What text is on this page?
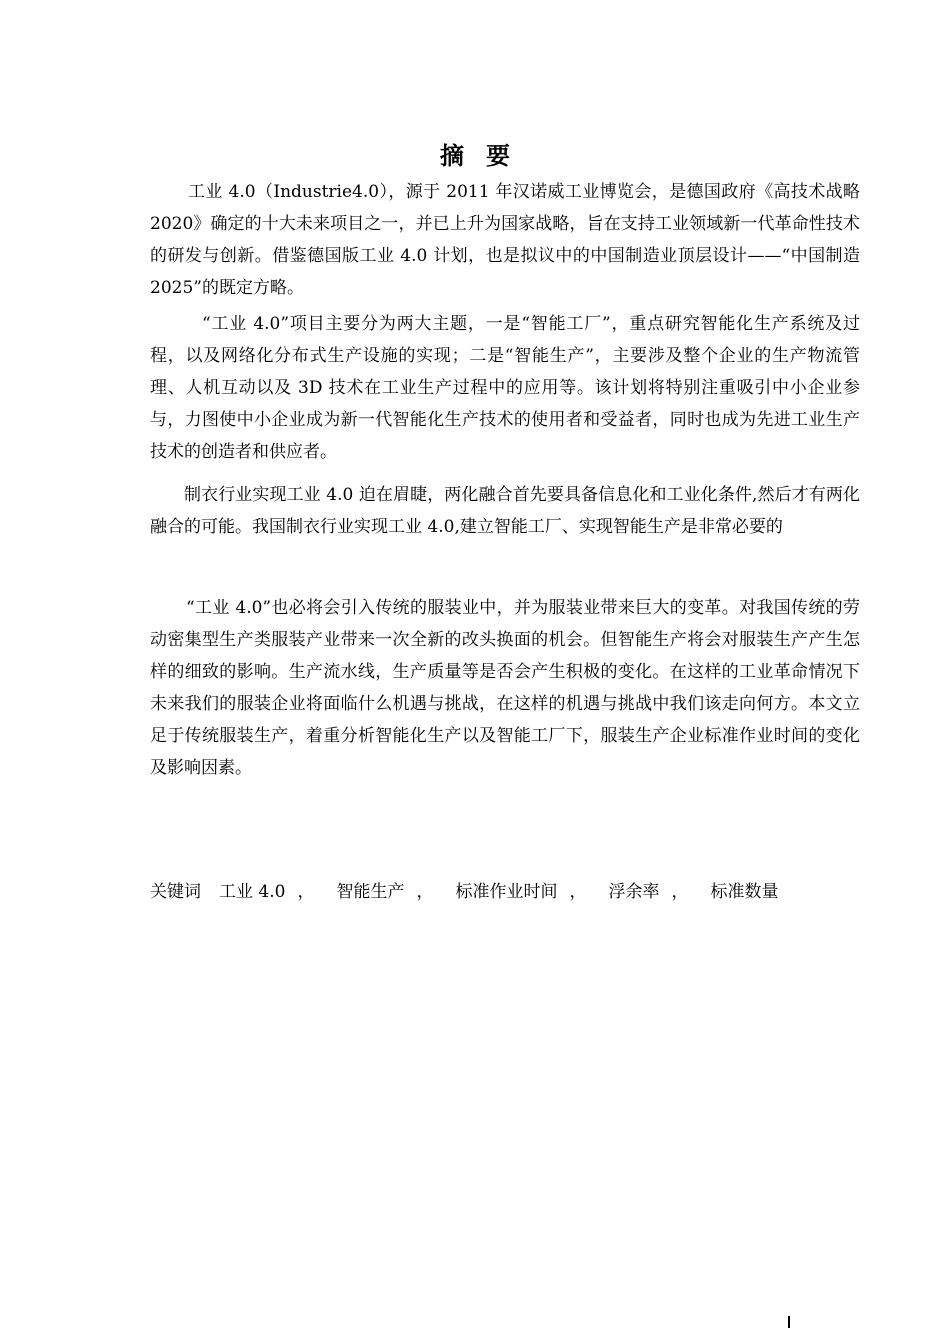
摘要

工业 4.0（Industrie4.0），源于 2011 年汉诺威工业博览会，是德国政府《高技术战略 2020》确定的十大未来项目之一，并已上升为国家战略，旨在支持工业领域新一代革命性技术的研发与创新。借鉴德国版工业 4.0 计划，也是拟议中的中国制造业顶层设计——“中国制造 2025”的既定方略。

“工业 4.0”项目主要分为两大主题，一是“智能工厂”，重点研究智能化生产系统及过程，以及网络化分布式生产设施的实现；二是“智能生产”，主要涉及整个企业的生产物流管理、人机互动以及 3D 技术在工业生产过程中的应用等。该计划将特别注重吸引中小企业参与，力图使中小企业成为新一代智能化生产技术的使用者和受益者，同时也成为先进工业生产技术的创造者和供应者。

制衣行业实现工业 4.0 迫在眉睫，两化融合首先要具备信息化和工业化条件,然后才有两化融合的可能。我国制衣行业实现工业 4.0,建立智能工厂、实现智能生产是非常必要的

“工业 4.0”也必将会引入传统的服装业中，并为服装业带来巨大的变革。对我国传统的劳动密集型生产类服装产业带来一次全新的改头换面的机会。但智能生产将会对服装生产产生怎样的细致的影响。生产流水线，生产质量等是否会产生积极的变化。在这样的工业革命情况下未来我们的服装企业将面临什么机遇与挑战，在这样的机遇与挑战中我们该走向何方。本文立足于传统服装生产，着重分析智能化生产以及智能工厂下，服装生产企业标准作业时间的变化及影响因素。

关键词 工业 4.0 ， 智能生产 ， 标准作业时间 ， 浮余率 ， 标准数量
